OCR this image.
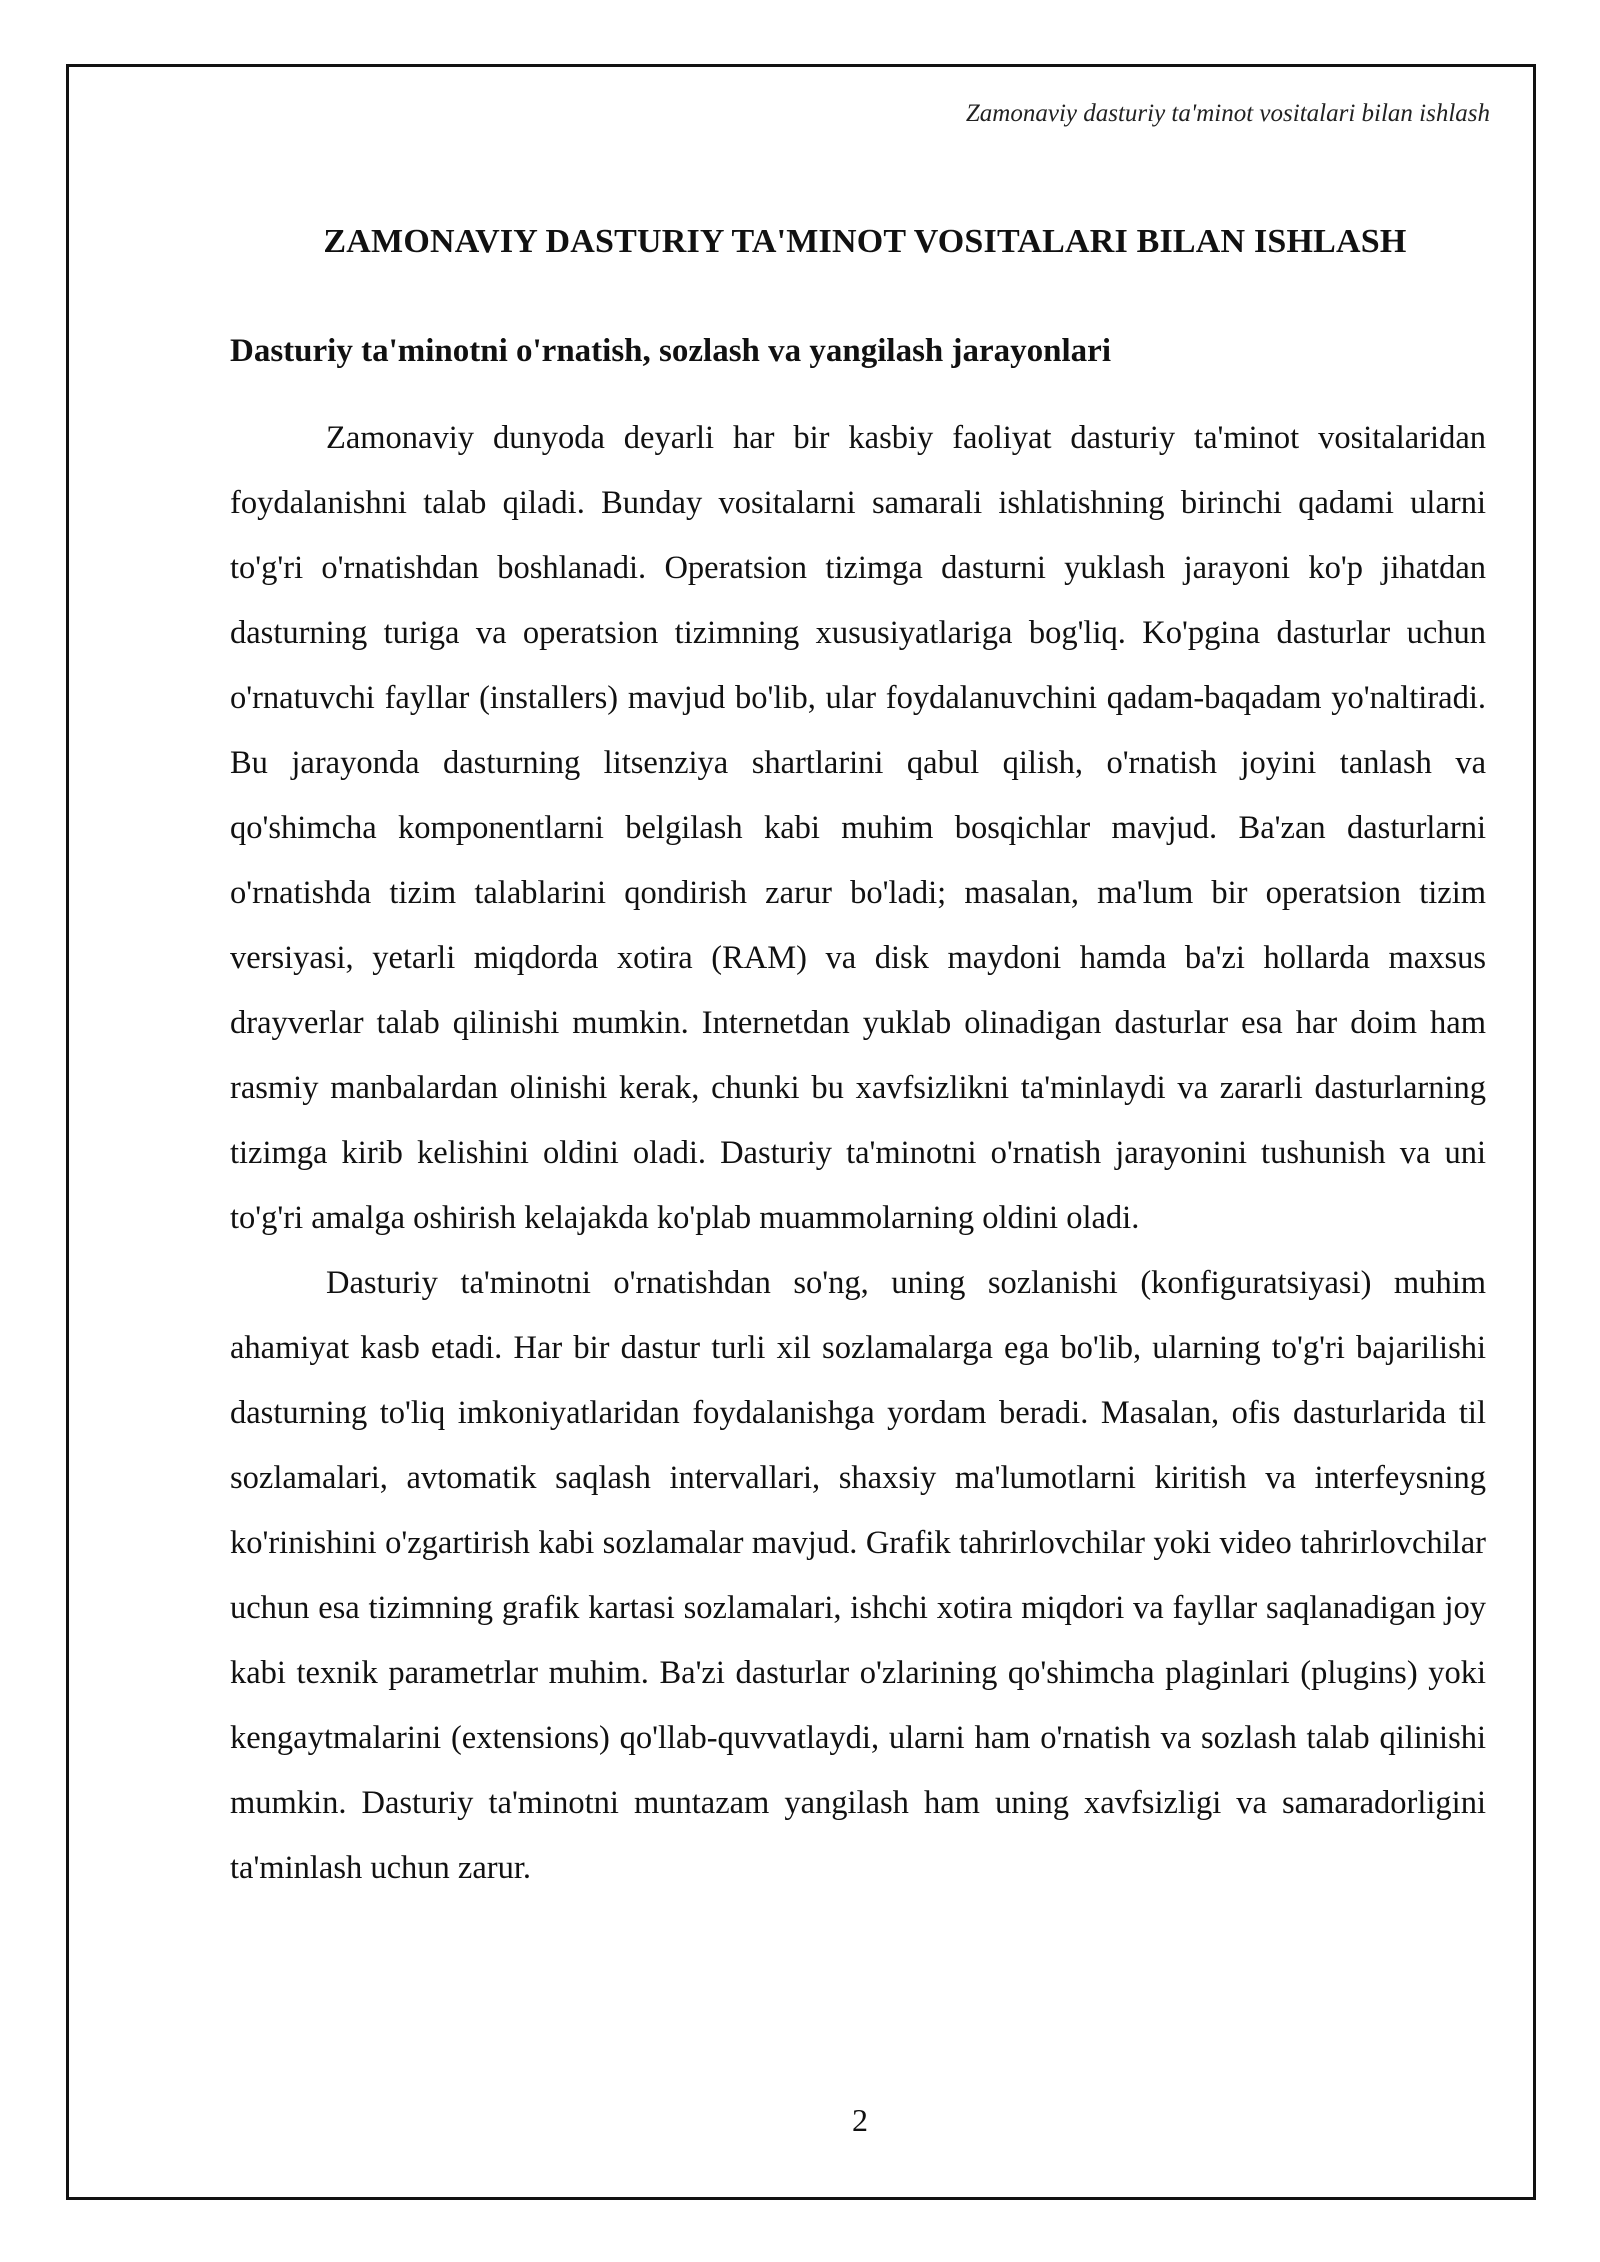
Zamonaviy dasturiy ta'minot vositalari bilan ishlash
ZAMONAVIY DASTURIY TA'MINOT VOSITALARI BILAN ISHLASH
Dasturiy ta'minotni o'rnatish, sozlash va yangilash jarayonlari

Zamonaviy dunyoda deyarli har bir kasbiy faoliyat dasturiy ta'minot vositalaridan foydalanishni talab qiladi. Bunday vositalarni samarali ishlatishning birinchi qadami ularni to'g'ri o'rnatishdan boshlanadi. Operatsion tizimga dasturni yuklash jarayoni ko'p jihatdan dasturning turiga va operatsion tizimning xususiyatlariga bog'liq. Ko'pgina dasturlar uchun o'rnatuvchi fayllar (installers) mavjud bo'lib, ular foydalanuvchini qadam-baqadam yo'naltiradi. Bu jarayonda dasturning litsenziya shartlarini qabul qilish, o'rnatish joyini tanlash va qo'shimcha komponentlarni belgilash kabi muhim bosqichlar mavjud. Ba'zan dasturlarni o'rnatishda tizim talablarini qondirish zarur bo'ladi; masalan, ma'lum bir operatsion tizim versiyasi, yetarli miqdorda xotira (RAM) va disk maydoni hamda ba'zi hollarda maxsus drayverlar talab qilinishi mumkin. Internetdan yuklab olinadigan dasturlar esa har doim ham rasmiy manbalardan olinishi kerak, chunki bu xavfsizlikni ta'minlaydi va zararli dasturlarning tizimga kirib kelishini oldini oladi. Dasturiy ta'minotni o'rnatish jarayonini tushunish va uni to'g'ri amalga oshirish kelajakda ko'plab muammolarning oldini oladi.

Dasturiy ta'minotni o'rnatishdan so'ng, uning sozlanishi (konfiguratsiyasi) muhim ahamiyat kasb etadi. Har bir dastur turli xil sozlamalarga ega bo'lib, ularning to'g'ri bajarilishi dasturning to'liq imkoniyatlaridan foydalanishga yordam beradi. Masalan, ofis dasturlarida til sozlamalari, avtomatik saqlash intervallari, shaxsiy ma'lumotlarni kiritish va interfeysning ko'rinishini o'zgartirish kabi sozlamalar mavjud. Grafik tahrirlovchilar yoki video tahrirlovchilar uchun esa tizimning grafik kartasi sozlamalari, ishchi xotira miqdori va fayllar saqlanadigan joy kabi texnik parametrlar muhim. Ba'zi dasturlar o'zlarining qo'shimcha plaginlari (plugins) yoki kengaytmalarini (extensions) qo'llab-quvvatlaydi, ularni ham o'rnatish va sozlash talab qilinishi mumkin. Dasturiy ta'minotni muntazam yangilash ham uning xavfsizligi va samaradorligini ta'minlash uchun zarur.

2
